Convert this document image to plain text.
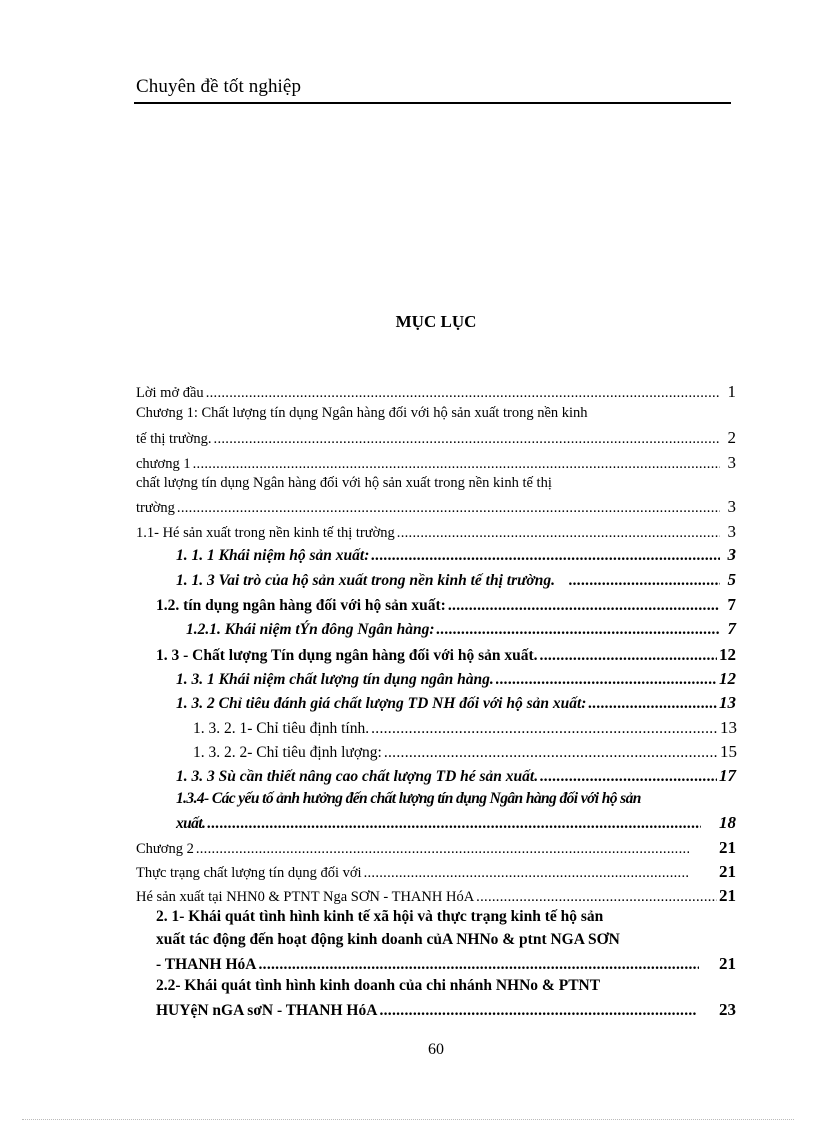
Chuyên đề tốt nghiệp
MỤC LỤC
Lời mở đầu .....	1
Chương 1: Chất lượng tín dụng Ngân hàng đối với hộ sản xuất trong nền kinh
tế thị trường. .....	2
chương 1 .....	3
chất lượng tín dụng Ngân hàng đối với hộ sản xuất trong nền kinh tế thị
trường .....	3
1.1- Hé sản xuất trong nền kinh tế thị trường .....	3
1. 1. 1 Khái niệm hộ sản xuất: .....	3
1. 1. 3 Vai trò của hộ sản xuất trong nền kinh tế thị trường. .....	5
1.2. tín dụng ngân hàng đối với hộ sản xuất: .....	7
1.2.1. Khái niệm tÝn đông Ngân hàng: .....	7
1. 3 - Chất lượng Tín dụng ngân hàng đối với hộ sản xuất. .....	12
1. 3. 1 Khái niệm chất lượng tín dụng ngân hàng. .....	12
1. 3. 2 Chỉ tiêu đánh giá chất lượng TD NH đối với hộ sản xuất: .....	13
1. 3. 2. 1- Chỉ tiêu định tính. .....	13
1. 3. 2. 2- Chỉ tiêu định lượng: .....	15
1. 3. 3 Sù cần thiết nâng cao chất lượng TD hé sản xuất. .....	17
1.3.4- Các yếu tố ảnh hưởng đến chất lượng tín dụng Ngân hàng đối với hộ sản
xuất. .....	18
Chương 2 .....	21
Thực trạng chất lượng tín dụng đối với .....	21
Hé sản xuất tại NHN0 & PTNT Nga SƠN - THANH HóA .....	21
2. 1- Khái quát tình hình kinh tế xã hội và thực trạng kinh tế hộ sản
xuất tác động đến hoạt động kinh doanh củA NHNo & ptnt NGA SƠN
- THANH HóA .....	21
2.2- Khái quát tình hình kinh doanh của chi nhánh NHNo & PTNT
HUYệN nGA sơN - THANH HóA .....	23
60
